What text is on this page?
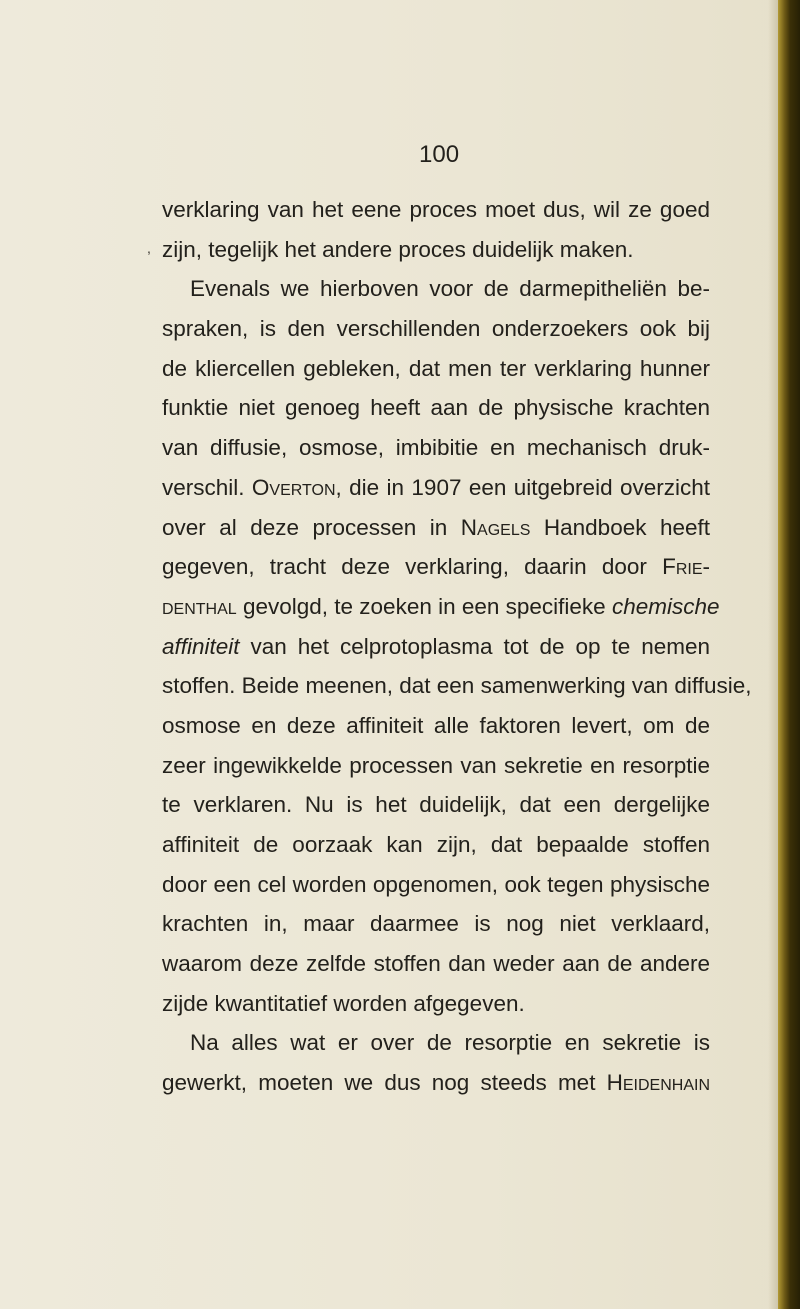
100
,
verklaring van het eene proces moet dus, wil ze goed
zijn, tegelijk het andere proces duidelijk maken.
Evenals we hierboven voor de darmepitheliën be-
spraken, is den verschillenden onderzoekers ook bij
de kliercellen gebleken, dat men ter verklaring hunner
funktie niet genoeg heeft aan de physische krachten
van diffusie, osmose, imbibitie en mechanisch druk-
verschil. Overton, die in 1907 een uitgebreid overzicht
over al deze processen in Nagels Handboek heeft
gegeven, tracht deze verklaring, daarin door Frie-
denthal gevolgd, te zoeken in een specifieke chemische
affiniteit van het celprotoplasma tot de op te nemen
stoffen. Beide meenen, dat een samenwerking van diffusie,
osmose en deze affiniteit alle faktoren levert, om de
zeer ingewikkelde processen van sekretie en resorptie
te verklaren. Nu is het duidelijk, dat een dergelijke
affiniteit de oorzaak kan zijn, dat bepaalde stoffen
door een cel worden opgenomen, ook tegen physische
krachten in, maar daarmee is nog niet verklaard,
waarom deze zelfde stoffen dan weder aan de andere
zijde kwantitatief worden afgegeven.
Na alles wat er over de resorptie en sekretie is
gewerkt, moeten we dus nog steeds met Heidenhain
